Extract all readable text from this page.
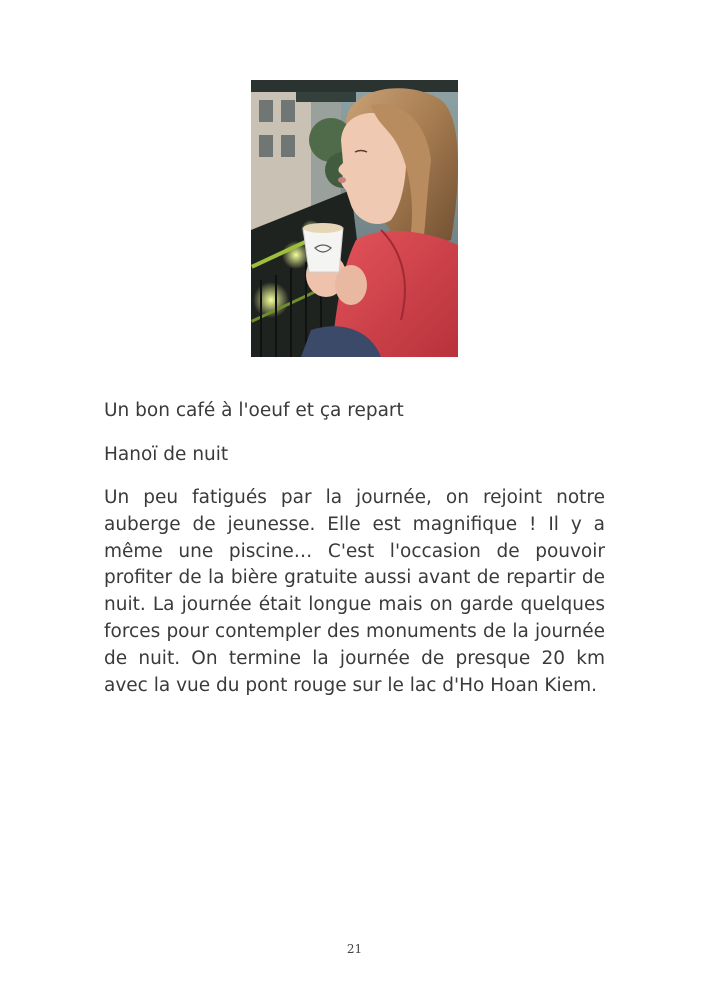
Un bon café à l'oeuf et ça repart

Hanoï de nuit

Un peu fatigués par la journée, on rejoint notre auberge de jeunesse. Elle est magnifique ! Il y a même une piscine… C'est l'occasion de pouvoir profiter de la bière gratuite aussi avant de repartir de nuit. La journée était longue mais on garde quelques forces pour contempler des monuments de la journée de nuit. On termine la journée de presque 20 km avec la vue du pont rouge sur le lac d'Ho Hoan Kiem.

21
